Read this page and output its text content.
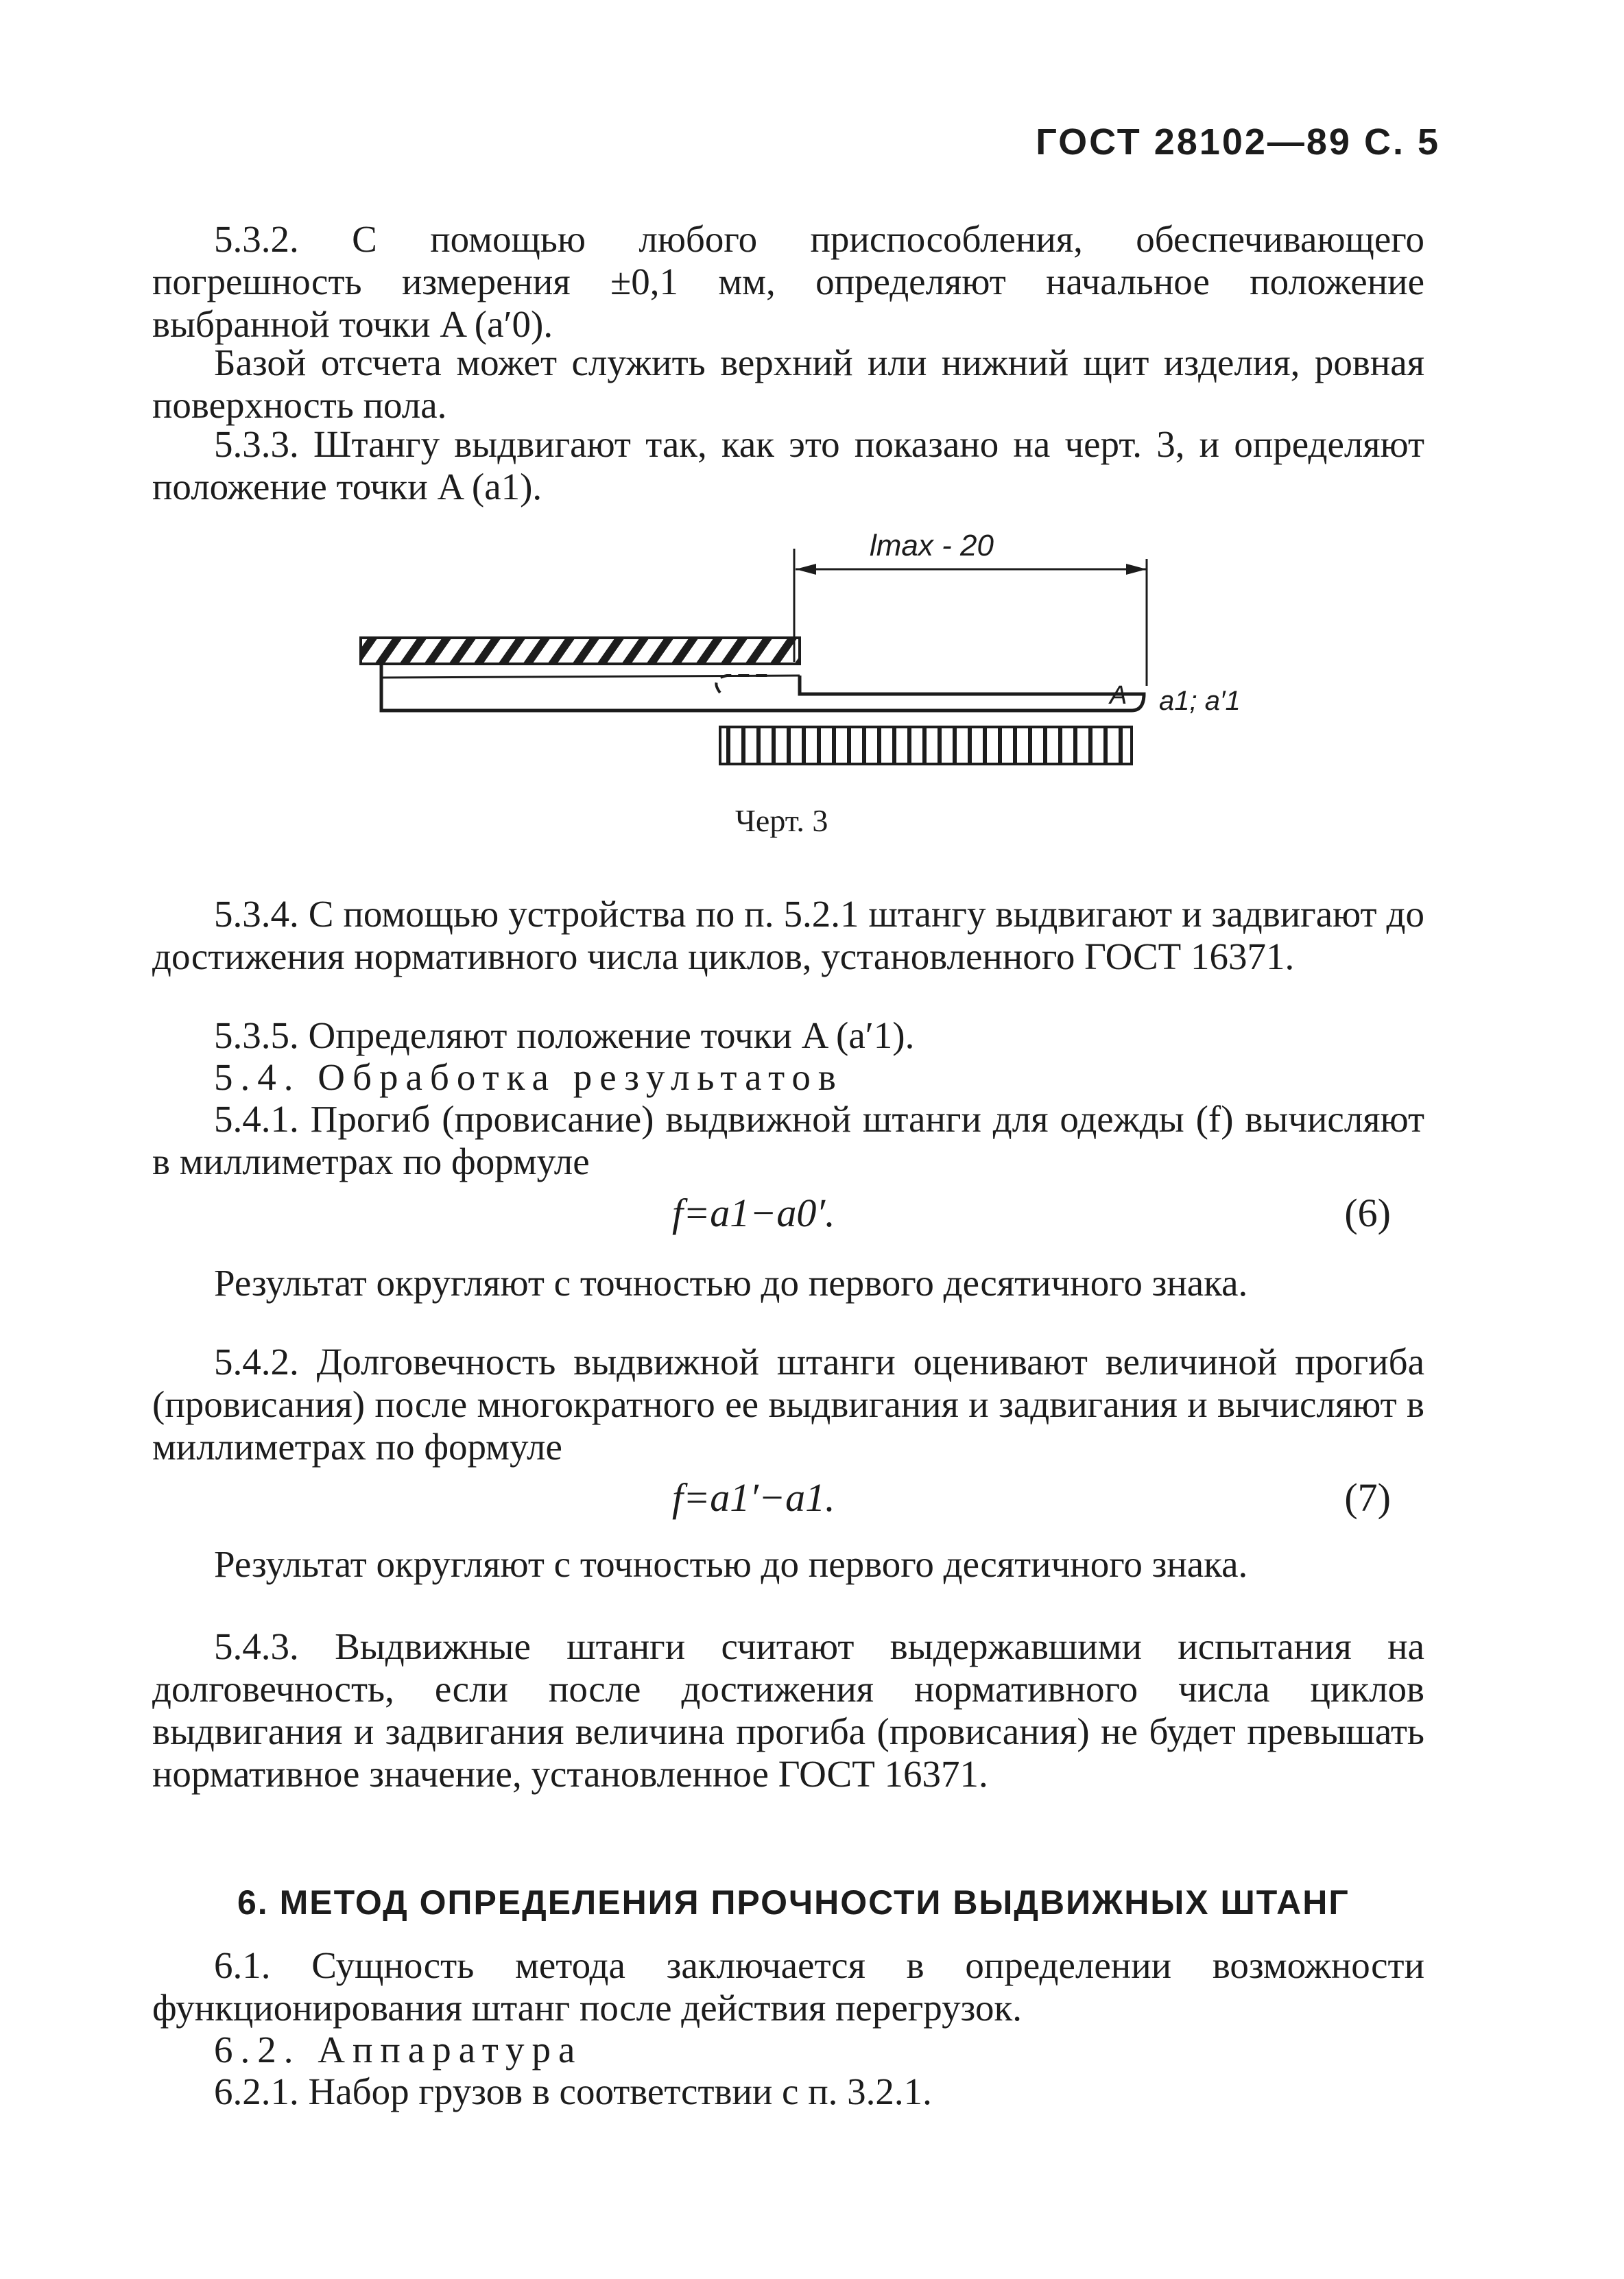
ГОСТ 28102—89 С. 5
5.3.2. С помощью любого приспособления, обеспечивающего погрешность измерения ±0,1 мм, определяют начальное положение выбранной точки A (a′0).
Базой отсчета может служить верхний или нижний щит изделия, ровная поверхность пола.
5.3.3. Штангу выдвигают так, как это показано на черт. 3, и определяют положение точки A (a1).
lmax - 20
A a1; a′1
Черт. 3
5.3.4. С помощью устройства по п. 5.2.1 штангу выдвигают и задвигают до достижения нормативного числа циклов, установленного ГОСТ 16371.
5.3.5. Определяют положение точки A (a′1).
5.4. Обработка результатов
5.4.1. Прогиб (провисание) выдвижной штанги для одежды (f) вычисляют в миллиметрах по формуле
f=a1−a0′.	(6)
Результат округляют с точностью до первого десятичного знака.
5.4.2. Долговечность выдвижной штанги оценивают величиной прогиба (провисания) после многократного ее выдвигания и задвигания и вычисляют в миллиметрах по формуле
f=a1′−a1.	(7)
Результат округляют с точностью до первого десятичного знака.
5.4.3. Выдвижные штанги считают выдержавшими испытания на долговечность, если после достижения нормативного числа циклов выдвигания и задвигания величина прогиба (провисания) не будет превышать нормативное значение, установленное ГОСТ 16371.
6. МЕТОД ОПРЕДЕЛЕНИЯ ПРОЧНОСТИ ВЫДВИЖНЫХ ШТАНГ
6.1. Сущность метода заключается в определении возможности функционирования штанг после действия перегрузок.
6.2. Аппаратура
6.2.1. Набор грузов в соответствии с п. 3.2.1.
